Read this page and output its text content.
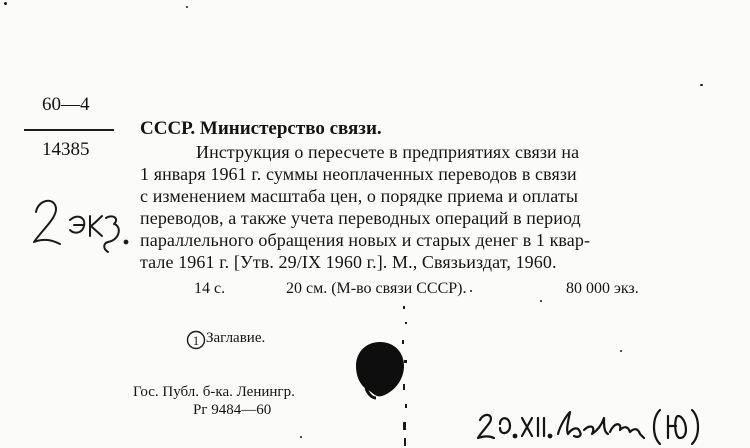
60—4
14385
СССР. Министерство связи.
Инструкция о пересчете в предприятиях связи на
1 января 1961 г. суммы неоплаченных переводов в связи
с изменением масштаба цен, о порядке приема и оплаты
переводов, а также учета переводных операций в период
параллельного обращения новых и старых денег в 1 квар-
тале 1961 г. [Утв. 29/IX 1960 г.]. М., Связьиздат, 1960.
14 с.	20 см. (М-во связи СССР).	80 000 экз.
1 Заглавие.
Гос. Публ. б-ка. Ленингр.
Рг 9484—60
